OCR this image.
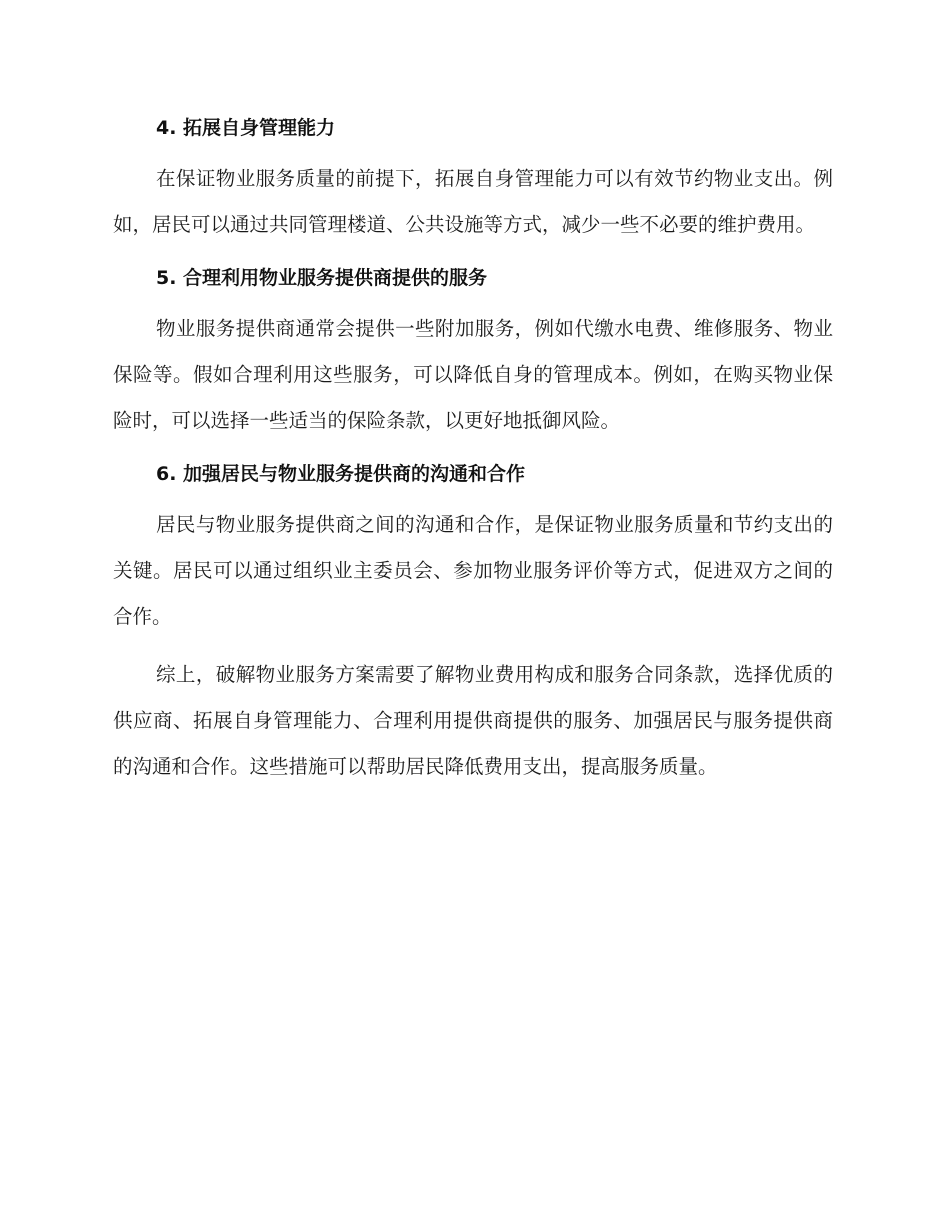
4. 拓展自身管理能力

在保证物业服务质量的前提下，拓展自身管理能力可以有效节约物业支出。例如，居民可以通过共同管理楼道、公共设施等方式，减少一些不必要的维护费用。

5. 合理利用物业服务提供商提供的服务

物业服务提供商通常会提供一些附加服务，例如代缴水电费、维修服务、物业保险等。假如合理利用这些服务，可以降低自身的管理成本。例如，在购买物业保险时，可以选择一些适当的保险条款，以更好地抵御风险。

6. 加强居民与物业服务提供商的沟通和合作

居民与物业服务提供商之间的沟通和合作，是保证物业服务质量和节约支出的关键。居民可以通过组织业主委员会、参加物业服务评价等方式，促进双方之间的合作。

综上，破解物业服务方案需要了解物业费用构成和服务合同条款，选择优质的供应商、拓展自身管理能力、合理利用提供商提供的服务、加强居民与服务提供商的沟通和合作。这些措施可以帮助居民降低费用支出，提高服务质量。
